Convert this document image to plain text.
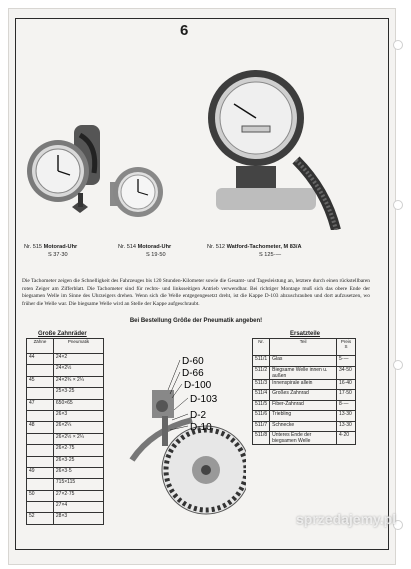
6
Nr. 515 Motorad-Uhr
S 37·30
Nr. 514 Motorad-Uhr
S 19·50
Nr. 512 Watford-Tachometer, M 83/A
S 125·—
Die Tachometer zeigen die Schnelligkeit des Fahrzeuges bis 120 Stunden-Kilometer sowie die Gesamt- und Tagesleistung an, letztere durch einen rückstellbaren roten Zeiger am Zifferblatt. Die Tachometer sind für rechts- und linksseitigen Antrieb verwendbar. Bei richtiger Montage muß sich das obere Ende der biegsamen Welle im Sinne des Uhrzeigers drehen. Wenn sich die Welle entgegengesetzt dreht, ist die Kappe D-103 abzuschrauben und dort aufzusetzen, wo früher die Welle war. Die biegsame Welle wird an Stelle der Kappe aufgeschraubt.
Bei Bestellung Größe der Pneumatik angeben!
Große Zahnräder
Zähne	Pneumatik
44	24×2
	24×2½
45	24×2¾ × 2¼
	25×3·25
47	650×65
	26×3
48	26×2¼
	26×2½ × 2¼
	26×2·75
	26×3·25
49	26×3·5
	715×115
50	27×2·75
	27×4
52	28×3
D-60
D-66
D-100
D-103
D-2
D-10
Ersatzteile
Nr.	Teil	Preis S
511/1	Glas	5·—
511/2	Biegsame Welle innen u. außen	34·50
511/3	Innenspirale allein	16·40
511/4	Großes Zahnrad	17·50
511/5	Fiber-Zahnrad	8·—
511/6	Triebling	13·30
511/7	Schnecke	13·30
511/8	Unteres Ende der biegsamen Welle	4·20
sprzedajemy.pl
